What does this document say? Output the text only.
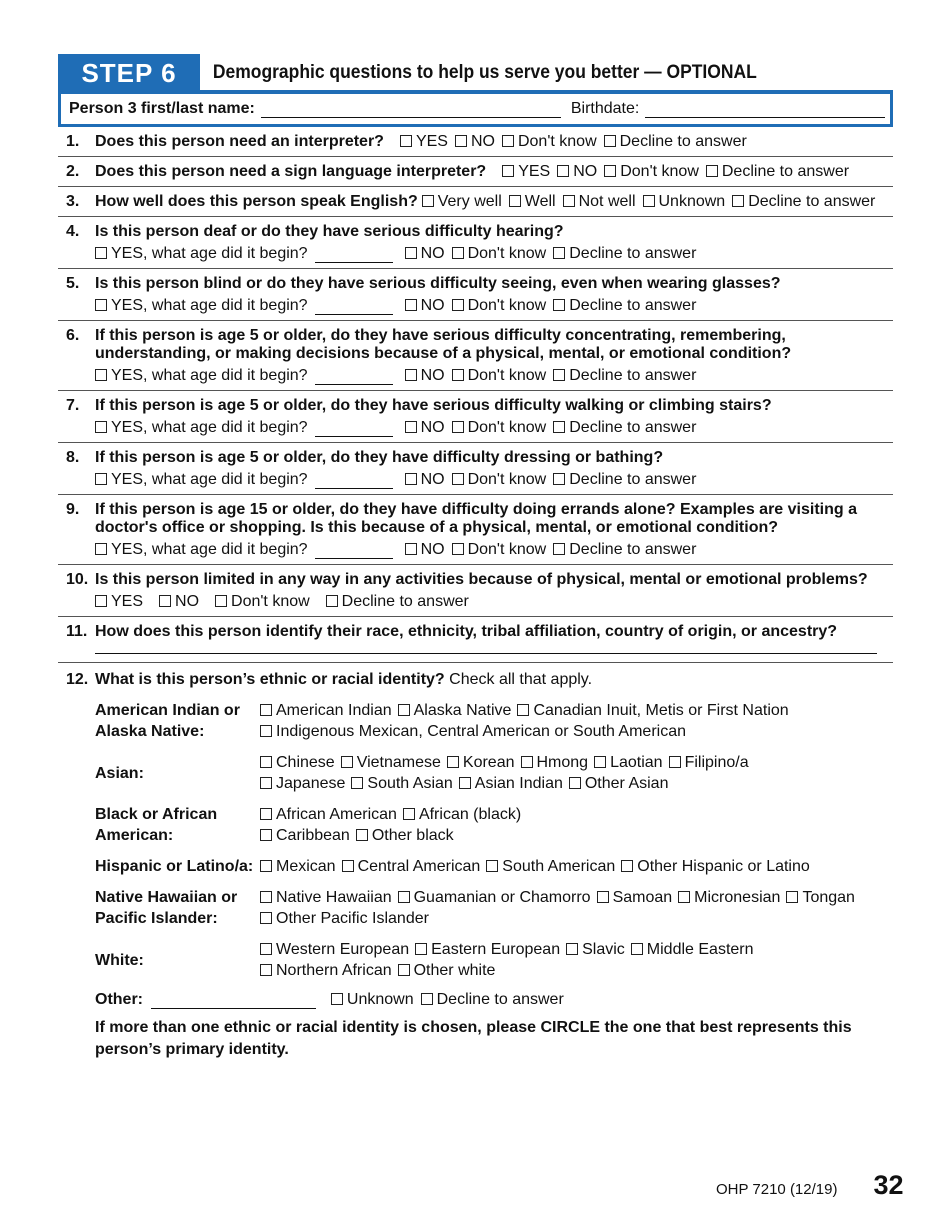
STEP 6	Demographic questions to help us serve you better — OPTIONAL
Person 3 first/last name:	Birthdate:
1. Does this person need an interpreter? YES NO Don't know Decline to answer
2. Does this person need a sign language interpreter? YES NO Don't know Decline to answer
3. How well does this person speak English? Very well Well Not well Unknown Decline to answer
4. Is this person deaf or do they have serious difficulty hearing?
YES, what age did it begin?	NO Don't know Decline to answer
5. Is this person blind or do they have serious difficulty seeing, even when wearing glasses?
YES, what age did it begin?	NO Don't know Decline to answer
6. If this person is age 5 or older, do they have serious difficulty concentrating, remembering, understanding, or making decisions because of a physical, mental, or emotional condition?
YES, what age did it begin?	NO Don't know Decline to answer
7. If this person is age 5 or older, do they have serious difficulty walking or climbing stairs?
YES, what age did it begin?	NO Don't know Decline to answer
8. If this person is age 5 or older, do they have difficulty dressing or bathing?
YES, what age did it begin?	NO Don't know Decline to answer
9. If this person is age 15 or older, do they have difficulty doing errands alone? Examples are visiting a doctor's office or shopping. Is this because of a physical, mental, or emotional condition?
YES, what age did it begin?	NO Don't know Decline to answer
10. Is this person limited in any way in any activities because of physical, mental or emotional problems?
YES NO Don't know Decline to answer
11. How does this person identify their race, ethnicity, tribal affiliation, country of origin, or ancestry?
12. What is this person’s ethnic or racial identity? Check all that apply.
American Indian or Alaska Native:
American Indian Alaska Native Canadian Inuit, Metis or First Nation
Indigenous Mexican, Central American or South American
Asian:
Chinese Vietnamese Korean Hmong Laotian Filipino/a
Japanese South Asian Asian Indian Other Asian
Black or African American:
African American African (black)
Caribbean Other black
Hispanic or Latino/a:	Mexican Central American South American Other Hispanic or Latino
Native Hawaiian or Pacific Islander:
Native Hawaiian Guamanian or Chamorro Samoan Micronesian Tongan
Other Pacific Islander
White:
Western European Eastern European Slavic Middle Eastern
Northern African Other white
Other:	Unknown Decline to answer
If more than one ethnic or racial identity is chosen, please CIRCLE the one that best represents this person’s primary identity.
OHP 7210 (12/19) 32
